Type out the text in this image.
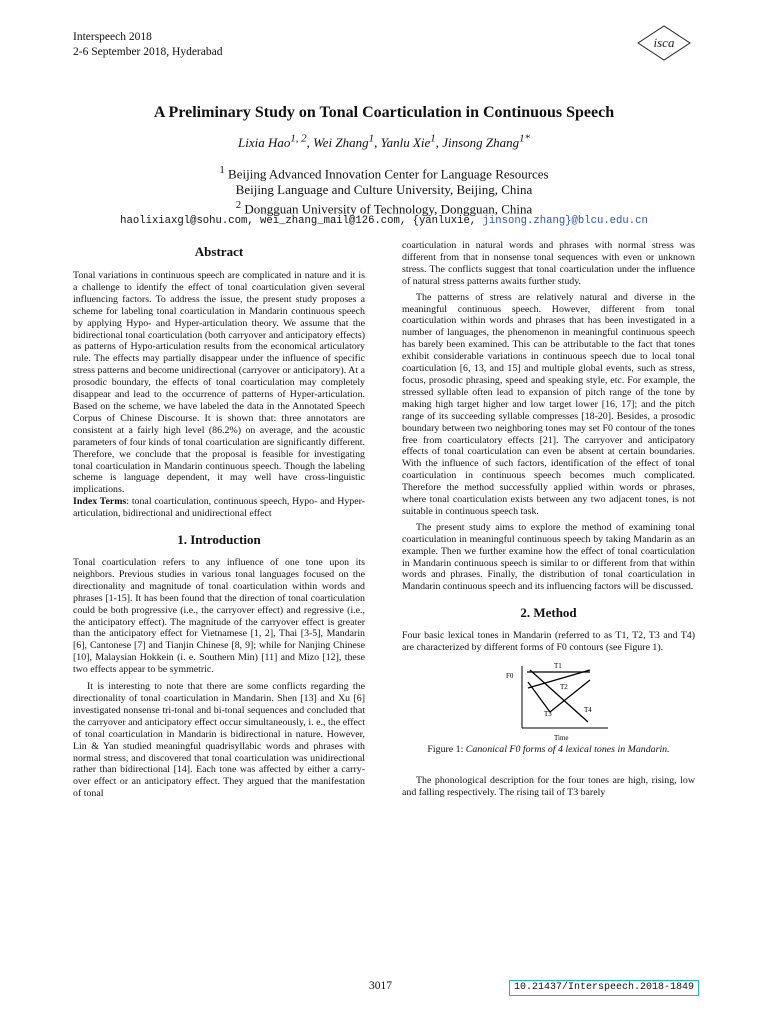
Interspeech 2018
2-6 September 2018, Hyderabad
isca
A Preliminary Study on Tonal Coarticulation in Continuous Speech
Lixia Hao$^{1, 2}$, Wei Zhang$^1$, Yanlu Xie$^1$, Jinsong Zhang$^{1*}$
$^1$ Beijing Advanced Innovation Center for Language Resources
Beijing Language and Culture University, Beijing, China
$^2$ Dongguan University of Technology, Dongguan, China
haolixiaxgl@sohu.com, wei_zhang_mail@126.com, {yanluxie, jinsong.zhang}@blcu.edu.cn
Abstract

Tonal variations in continuous speech are complicated in nature and it is a challenge to identify the effect of tonal coarticulation given several influencing factors. To address the issue, the present study proposes a scheme for labeling tonal coarticulation in Mandarin continuous speech by applying Hypo- and Hyper-articulation theory. We assume that the bidirectional tonal coarticulation (both carryover and anticipatory effects) as patterns of Hypo-articulation results from the economical articulatory rule. The effects may partially disappear under the influence of specific stress patterns and become unidirectional (carryover or anticipatory). At a prosodic boundary, the effects of tonal coarticulation may completely disappear and lead to the occurrence of patterns of Hyper-articulation. Based on the scheme, we have labeled the data in the Annotated Speech Corpus of Chinese Discourse. It is shown that: three annotators are consistent at a fairly high level (86.2%) on average, and the acoustic parameters of four kinds of tonal coarticulation are significantly different. Therefore, we conclude that the proposal is feasible for investigating tonal coarticulation in Mandarin continuous speech. Though the labeling scheme is language dependent, it may well have cross-linguistic implications.

Index Terms: tonal coarticulation, continuous speech, Hypo- and Hyper-articulation, bidirectional and unidirectional effect

1. Introduction

Tonal coarticulation refers to any influence of one tone upon its neighbors. Previous studies in various tonal languages focused on the directionality and magnitude of tonal coarticulation within words and phrases [1-15]. It has been found that the direction of tonal coarticulation could be both progressive (i.e., the carryover effect) and regressive (i.e., the anticipatory effect). The magnitude of the carryover effect is greater than the anticipatory effect for Vietnamese [1, 2], Thai [3-5], Mandarin [6], Cantonese [7] and Tianjin Chinese [8, 9]; while for Nanjing Chinese [10], Malaysian Hokkein (i. e. Southern Min) [11] and Mizo [12], these two effects appear to be symmetric.

It is interesting to note that there are some conflicts regarding the directionality of tonal coarticulation in Mandarin. Shen [13] and Xu [6] investigated nonsense tri-tonal and bi-tonal sequences and concluded that the carryover and anticipatory effect occur simultaneously, i. e., the effect of tonal coarticulation in Mandarin is bidirectional in nature. However, Lin & Yan studied meaningful quadrisyllabic words and phrases with normal stress, and discovered that tonal coarticulation was unidirectional rather than bidirectional [14]. Each tone was affected by either a carry-over effect or an anticipatory effect. They argued that the manifestation of tonal

coarticulation in natural words and phrases with normal stress was different from that in nonsense tonal sequences with even or unknown stress. The conflicts suggest that tonal coarticulation under the influence of natural stress patterns awaits further study.

The patterns of stress are relatively natural and diverse in the meaningful continuous speech. However, different from tonal coarticulation within words and phrases that has been investigated in a number of languages, the phenomenon in meaningful continuous speech has barely been examined. This can be attributable to the fact that tones exhibit considerable variations in continuous speech due to local tonal coarticulation [6, 13, and 15] and multiple global events, such as stress, focus, prosodic phrasing, speed and speaking style, etc. For example, the stressed syllable often lead to expansion of pitch range of the tone by making high target higher and low target lower [16, 17]; and the pitch range of its succeeding syllable compresses [18-20]. Besides, a prosodic boundary between two neighboring tones may set F0 contour of the tones free from coarticulatory effects [21]. The carryover and anticipatory effects of tonal coarticulation can even be absent at certain boundaries. With the influence of such factors, identification of the effect of tonal coarticulation in continuous speech becomes much complicated. Therefore the method successfully applied within words or phrases, where tonal coarticulation exists between any two adjacent tones, is not suitable in continuous speech task.

The present study aims to explore the method of examining tonal coarticulation in meaningful continuous speech by taking Mandarin as an example. Then we further examine how the effect of tonal coarticulation in Mandarin continuous speech is similar to or different from that within words and phrases. Finally, the distribution of tonal coarticulation in Mandarin continuous speech and its influencing factors will be discussed.

2. Method

Four basic lexical tones in Mandarin (referred to as T1, T2, T3 and T4) are characterized by different forms of F0 contours (see Figure 1).

F0
Time
T1
T2
T3	T4

Figure 1: Canonical F0 forms of 4 lexical tones in Mandarin.

The phonological description for the four tones are high, rising, low and falling respectively. The rising tail of T3 barely

3017	10.21437/Interspeech.2018-1849
